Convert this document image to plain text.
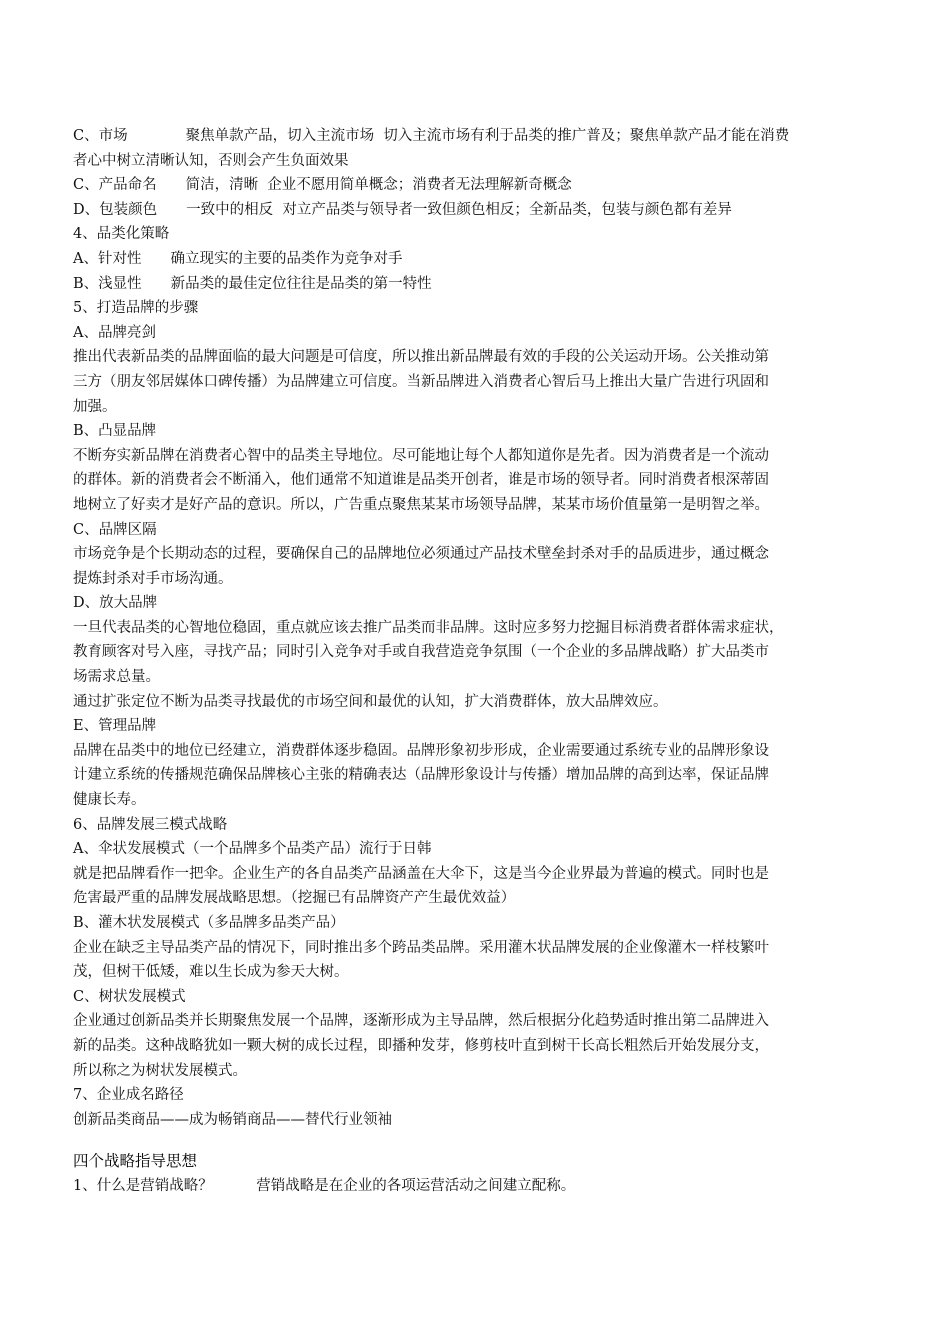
C、市场　　　　聚焦单款产品，切入主流市场  切入主流市场有利于品类的推广普及；聚焦单款产品才能在消费
者心中树立清晰认知，否则会产生负面效果
C、产品命名　　简洁，清晰  企业不愿用简单概念；消费者无法理解新奇概念
D、包装颜色　　一致中的相反  对立产品类与领导者一致但颜色相反；全新品类，包装与颜色都有差异
4、品类化策略
A、针对性　　确立现实的主要的品类作为竞争对手
B、浅显性　　新品类的最佳定位往往是品类的第一特性
5、打造品牌的步骤
A、品牌亮剑
推出代表新品类的品牌面临的最大问题是可信度，所以推出新品牌最有效的手段的公关运动开场。公关推动第
三方（朋友邻居媒体口碑传播）为品牌建立可信度。当新品牌进入消费者心智后马上推出大量广告进行巩固和
加强。
B、凸显品牌
不断夯实新品牌在消费者心智中的品类主导地位。尽可能地让每个人都知道你是先者。因为消费者是一个流动
的群体。新的消费者会不断涌入，他们通常不知道谁是品类开创者，谁是市场的领导者。同时消费者根深蒂固
地树立了好卖才是好产品的意识。所以，广告重点聚焦某某市场领导品牌，某某市场价值量第一是明智之举。
C、品牌区隔
市场竞争是个长期动态的过程，要确保自己的品牌地位必须通过产品技术壁垒封杀对手的品质进步，通过概念
提炼封杀对手市场沟通。
D、放大品牌
一旦代表品类的心智地位稳固，重点就应该去推广品类而非品牌。这时应多努力挖掘目标消费者群体需求症状，
教育顾客对号入座，寻找产品；同时引入竞争对手或自我营造竞争氛围（一个企业的多品牌战略）扩大品类市
场需求总量。
通过扩张定位不断为品类寻找最优的市场空间和最优的认知，扩大消费群体，放大品牌效应。
E、管理品牌
品牌在品类中的地位已经建立，消费群体逐步稳固。品牌形象初步形成，企业需要通过系统专业的品牌形象设
计建立系统的传播规范确保品牌核心主张的精确表达（品牌形象设计与传播）增加品牌的高到达率，保证品牌
健康长寿。
6、品牌发展三模式战略
A、伞状发展模式（一个品牌多个品类产品）流行于日韩
就是把品牌看作一把伞。企业生产的各自品类产品涵盖在大伞下，这是当今企业界最为普遍的模式。同时也是
危害最严重的品牌发展战略思想。（挖掘已有品牌资产产生最优效益）
B、灌木状发展模式（多品牌多品类产品）
企业在缺乏主导品类产品的情况下，同时推出多个跨品类品牌。采用灌木状品牌发展的企业像灌木一样枝繁叶
茂，但树干低矮，难以生长成为参天大树。
C、树状发展模式
企业通过创新品类并长期聚焦发展一个品牌，逐渐形成为主导品牌，然后根据分化趋势适时推出第二品牌进入
新的品类。这种战略犹如一颗大树的成长过程，即播种发芽，修剪枝叶直到树干长高长粗然后开始发展分支，
所以称之为树状发展模式。
7、企业成名路径
创新品类商品——成为畅销商品——替代行业领袖
四个战略指导思想
1、什么是营销战略？　　　营销战略是在企业的各项运营活动之间建立配称。
